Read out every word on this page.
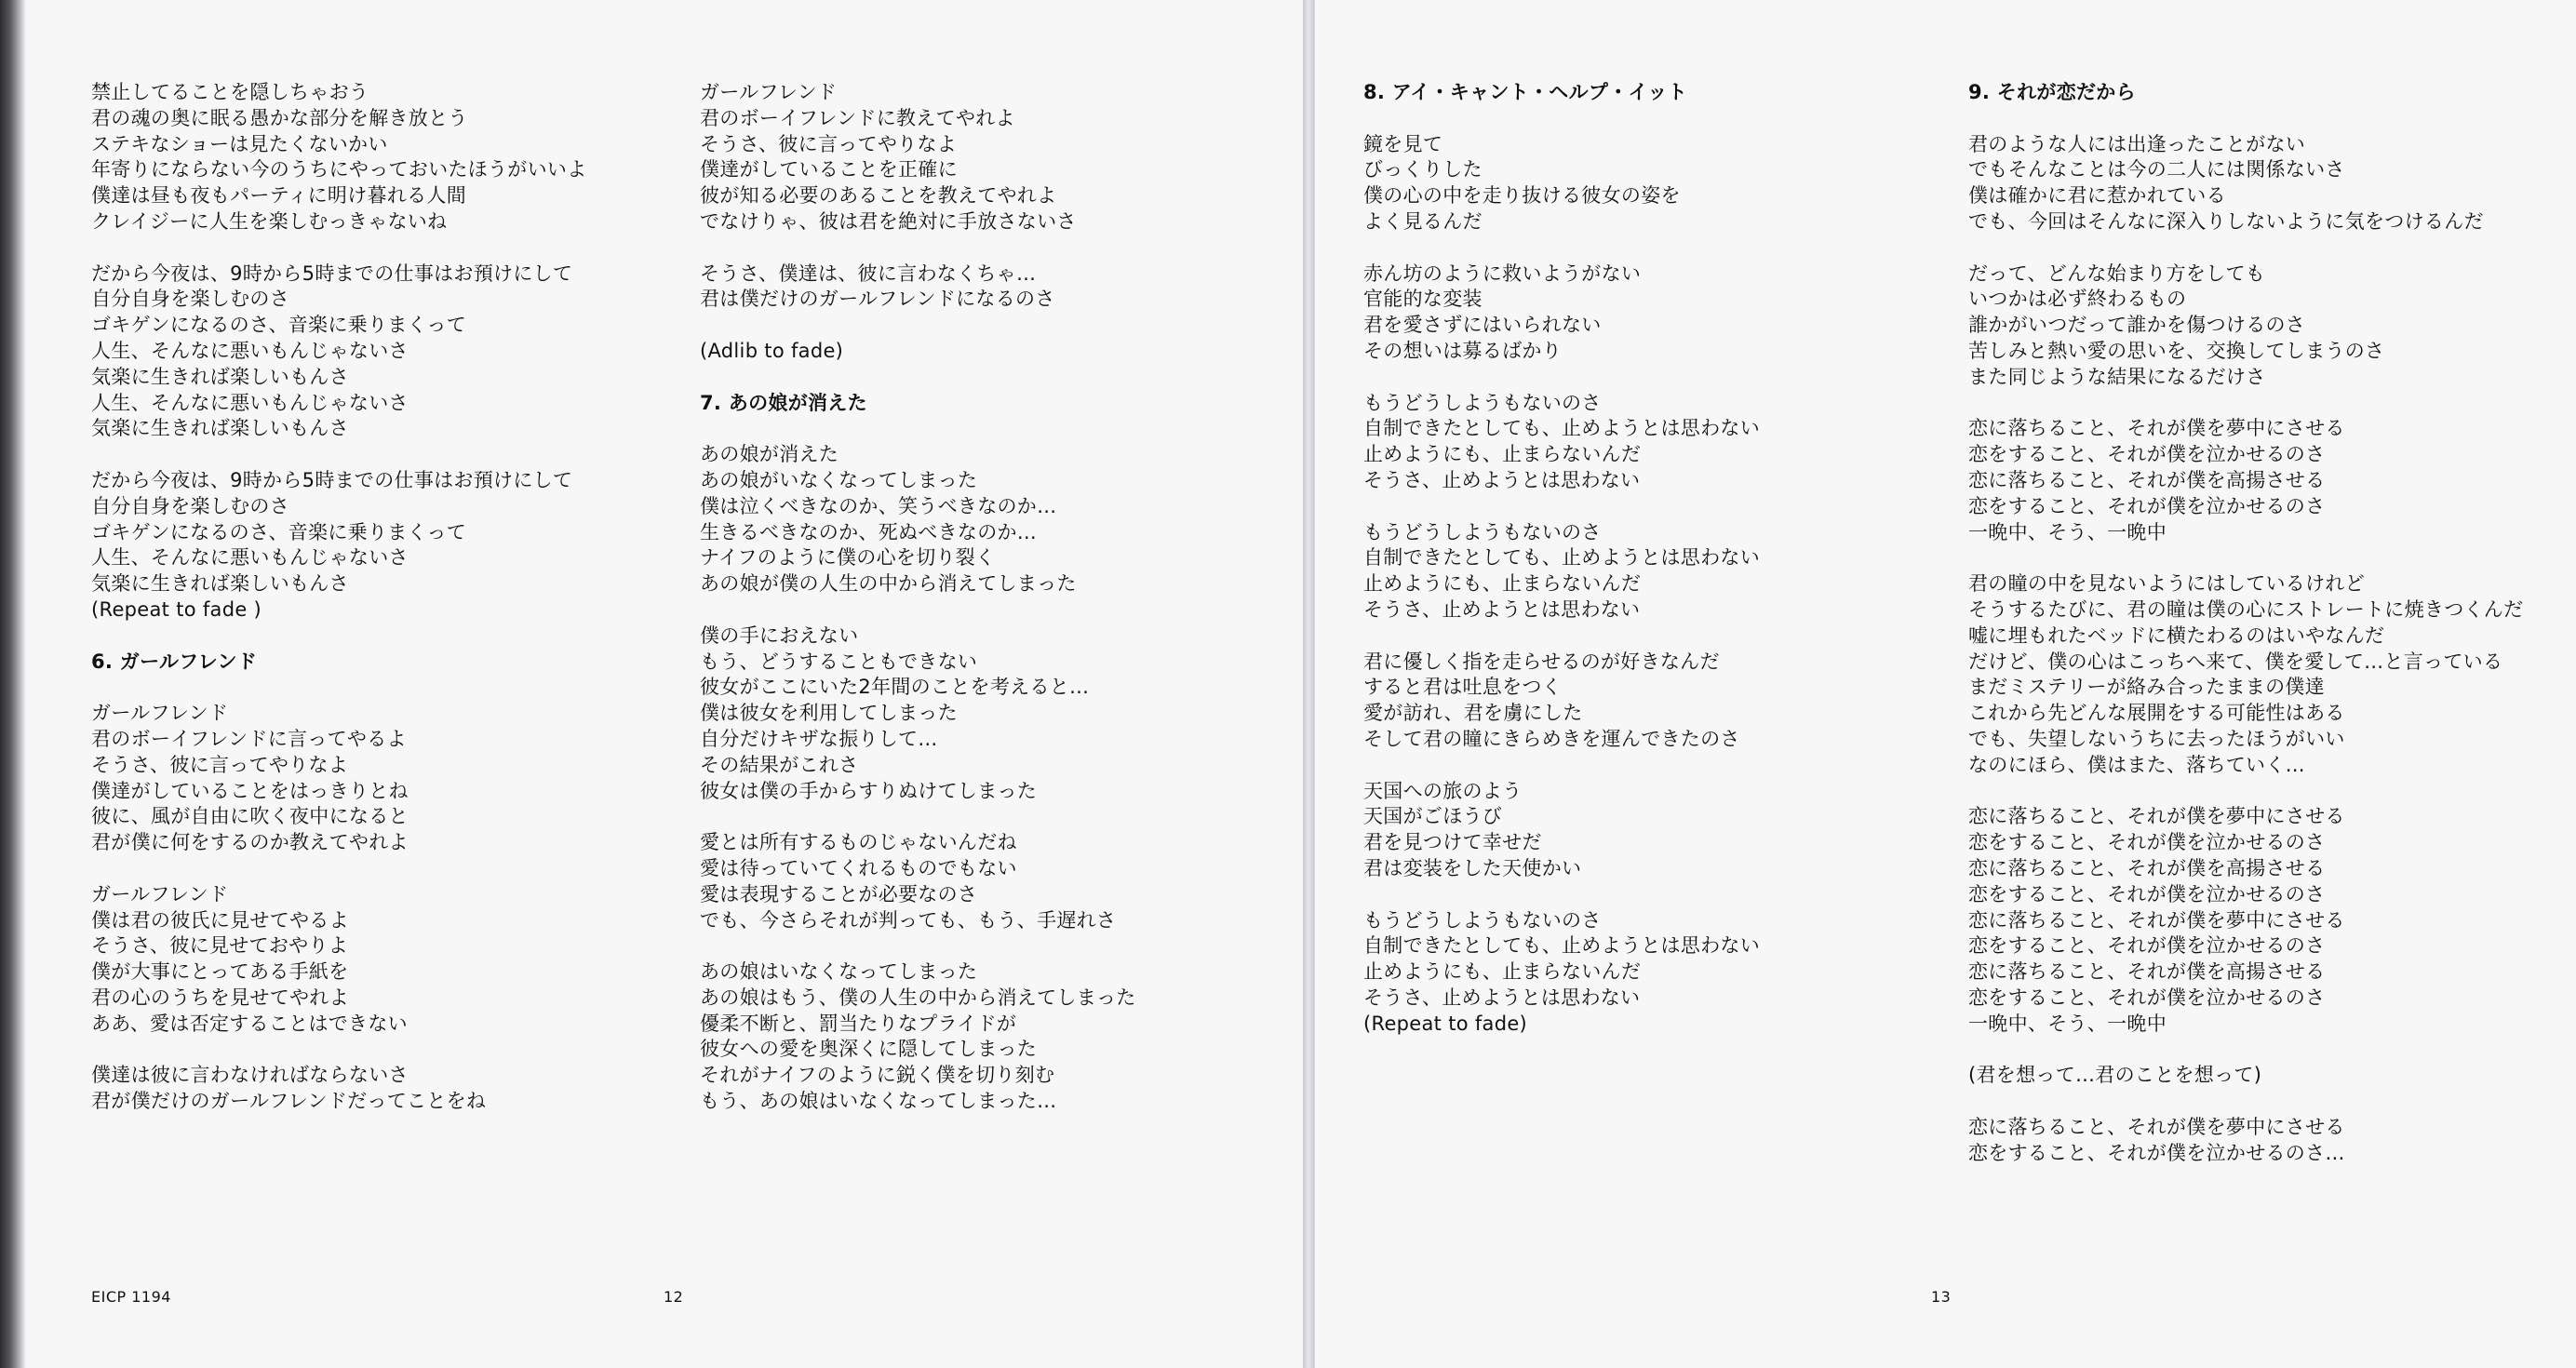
禁止してることを隠しちゃおう
君の魂の奥に眠る愚かな部分を解き放とう
ステキなショーは見たくないかい
年寄りにならない今のうちにやっておいたほうがいいよ
僕達は昼も夜もパーティに明け暮れる人間
クレイジーに人生を楽しむっきゃないね

だから今夜は、9時から5時までの仕事はお預けにして
自分自身を楽しむのさ
ゴキゲンになるのさ、音楽に乗りまくって
人生、そんなに悪いもんじゃないさ
気楽に生きれば楽しいもんさ
人生、そんなに悪いもんじゃないさ
気楽に生きれば楽しいもんさ

だから今夜は、9時から5時までの仕事はお預けにして
自分自身を楽しむのさ
ゴキゲンになるのさ、音楽に乗りまくって
人生、そんなに悪いもんじゃないさ
気楽に生きれば楽しいもんさ
(Repeat to fade )

6. ガールフレンド

ガールフレンド
君のボーイフレンドに言ってやるよ
そうさ、彼に言ってやりなよ
僕達がしていることをはっきりとね
彼に、風が自由に吹く夜中になると
君が僕に何をするのか教えてやれよ

ガールフレンド
僕は君の彼氏に見せてやるよ
そうさ、彼に見せておやりよ
僕が大事にとってある手紙を
君の心のうちを見せてやれよ
ああ、愛は否定することはできない

僕達は彼に言わなければならないさ
君が僕だけのガールフレンドだってことをね
ガールフレンド
君のボーイフレンドに教えてやれよ
そうさ、彼に言ってやりなよ
僕達がしていることを正確に
彼が知る必要のあることを教えてやれよ
でなけりゃ、彼は君を絶対に手放さないさ

そうさ、僕達は、彼に言わなくちゃ…
君は僕だけのガールフレンドになるのさ

(Adlib to fade)

7. あの娘が消えた

あの娘が消えた
あの娘がいなくなってしまった
僕は泣くべきなのか、笑うべきなのか…
生きるべきなのか、死ぬべきなのか…
ナイフのように僕の心を切り裂く
あの娘が僕の人生の中から消えてしまった

僕の手におえない
もう、どうすることもできない
彼女がここにいた2年間のことを考えると…
僕は彼女を利用してしまった
自分だけキザな振りして…
その結果がこれさ
彼女は僕の手からすりぬけてしまった

愛とは所有するものじゃないんだね
愛は待っていてくれるものでもない
愛は表現することが必要なのさ
でも、今さらそれが判っても、もう、手遅れさ

あの娘はいなくなってしまった
あの娘はもう、僕の人生の中から消えてしまった
優柔不断と、罰当たりなプライドが
彼女への愛を奥深くに隠してしまった
それがナイフのように鋭く僕を切り刻む
もう、あの娘はいなくなってしまった…
EICP 1194	12
8. アイ・キャント・ヘルプ・イット

鏡を見て
びっくりした
僕の心の中を走り抜ける彼女の姿を
よく見るんだ

赤ん坊のように救いようがない
官能的な変装
君を愛さずにはいられない
その想いは募るばかり

もうどうしようもないのさ
自制できたとしても、止めようとは思わない
止めようにも、止まらないんだ
そうさ、止めようとは思わない

もうどうしようもないのさ
自制できたとしても、止めようとは思わない
止めようにも、止まらないんだ
そうさ、止めようとは思わない

君に優しく指を走らせるのが好きなんだ
すると君は吐息をつく
愛が訪れ、君を虜にした
そして君の瞳にきらめきを運んできたのさ

天国への旅のよう
天国がごほうび
君を見つけて幸せだ
君は変装をした天使かい

もうどうしようもないのさ
自制できたとしても、止めようとは思わない
止めようにも、止まらないんだ
そうさ、止めようとは思わない
(Repeat to fade)
9. それが恋だから

君のような人には出逢ったことがない
でもそんなことは今の二人には関係ないさ
僕は確かに君に惹かれている
でも、今回はそんなに深入りしないように気をつけるんだ

だって、どんな始まり方をしても
いつかは必ず終わるもの
誰かがいつだって誰かを傷つけるのさ
苦しみと熱い愛の思いを、交換してしまうのさ
また同じような結果になるだけさ

恋に落ちること、それが僕を夢中にさせる
恋をすること、それが僕を泣かせるのさ
恋に落ちること、それが僕を高揚させる
恋をすること、それが僕を泣かせるのさ
一晩中、そう、一晩中

君の瞳の中を見ないようにはしているけれど
そうするたびに、君の瞳は僕の心にストレートに焼きつくんだ
嘘に埋もれたベッドに横たわるのはいやなんだ
だけど、僕の心はこっちへ来て、僕を愛して…と言っている
まだミステリーが絡み合ったままの僕達
これから先どんな展開をする可能性はある
でも、失望しないうちに去ったほうがいい
なのにほら、僕はまた、落ちていく…

恋に落ちること、それが僕を夢中にさせる
恋をすること、それが僕を泣かせるのさ
恋に落ちること、それが僕を高揚させる
恋をすること、それが僕を泣かせるのさ
恋に落ちること、それが僕を夢中にさせる
恋をすること、それが僕を泣かせるのさ
恋に落ちること、それが僕を高揚させる
恋をすること、それが僕を泣かせるのさ
一晩中、そう、一晩中

(君を想って…君のことを想って)

恋に落ちること、それが僕を夢中にさせる
恋をすること、それが僕を泣かせるのさ…
13
